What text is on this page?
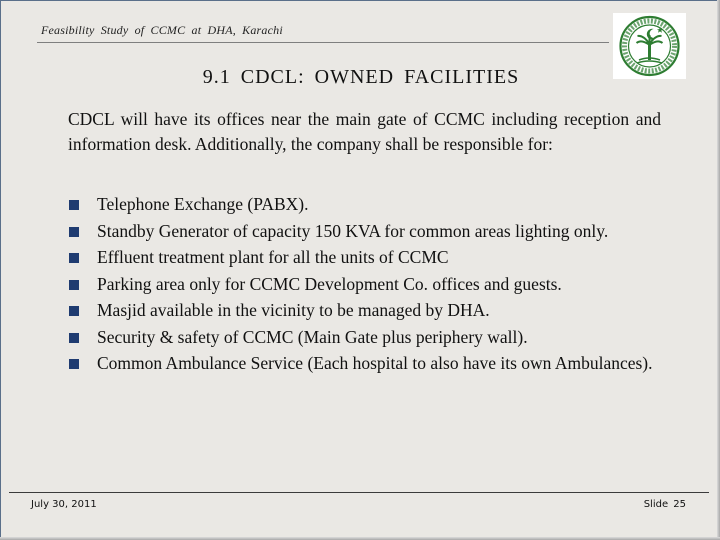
Feasibility Study of CCMC at DHA, Karachi
9.1 CDCL: OWNED FACILITIES
CDCL will have its offices near the main gate of CCMC including reception and information desk. Additionally, the company shall be responsible for:
Telephone Exchange (PABX).
Standby Generator of capacity 150 KVA for common areas lighting only.
Effluent treatment plant for all the units of CCMC
Parking area only for CCMC Development Co. offices and guests.
Masjid available in the vicinity to be managed by DHA.
Security & safety of CCMC (Main Gate plus periphery wall).
Common Ambulance Service (Each hospital to also have its own Ambulances).
July 30, 2011	Slide 25
